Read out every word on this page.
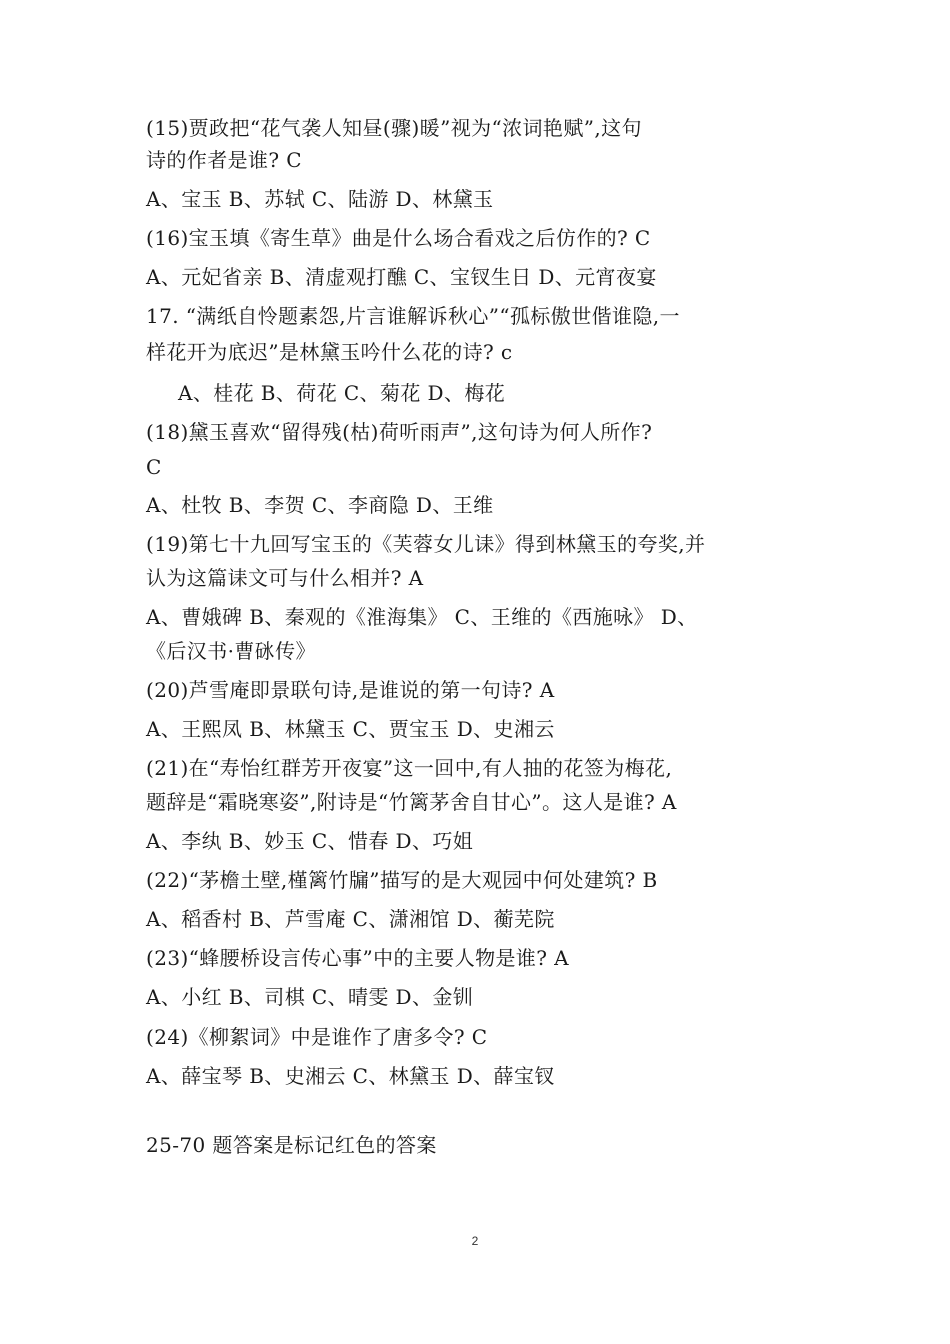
(15)贾政把“花气袭人知昼(骤)暖”视为“浓词艳赋”,这句
诗的作者是谁? C
A、宝玉 B、苏轼 C、陆游 D、林黛玉
(16)宝玉填《寄生草》曲是什么场合看戏之后仿作的? C
A、元妃省亲 B、清虚观打醮 C、宝钗生日 D、元宵夜宴
17. “满纸自怜题素怨,片言谁解诉秋心”“孤标傲世偕谁隐,一
样花开为底迟”是林黛玉吟什么花的诗? c
A、桂花 B、荷花 C、菊花 D、梅花
(18)黛玉喜欢“留得残(枯)荷听雨声”,这句诗为何人所作?
C
A、杜牧 B、李贺 C、李商隐 D、王维
(19)第七十九回写宝玉的《芙蓉女儿诔》得到林黛玉的夸奖,并
认为这篇诔文可与什么相并? A
A、曹娥碑 B、秦观的《淮海集》 C、王维的《西施咏》 D、
《后汉书·曹砯传》
(20)芦雪庵即景联句诗,是谁说的第一句诗? A
A、王熙凤 B、林黛玉 C、贾宝玉 D、史湘云
(21)在“寿怡红群芳开夜宴”这一回中,有人抽的花签为梅花,
题辞是“霜晓寒姿”,附诗是“竹篱茅舍自甘心”。这人是谁? A
A、李纨 B、妙玉 C、惜春 D、巧姐
(22)“茅檐土壁,槿篱竹牖”描写的是大观园中何处建筑? B
A、稻香村 B、芦雪庵 C、潇湘馆 D、蘅芜院
(23)“蜂腰桥设言传心事”中的主要人物是谁? A
A、小红 B、司棋 C、晴雯 D、金钏
(24)《柳絮词》中是谁作了唐多令? C
A、薛宝琴 B、史湘云 C、林黛玉 D、薛宝钗
25-70 题答案是标记红色的答案
2
